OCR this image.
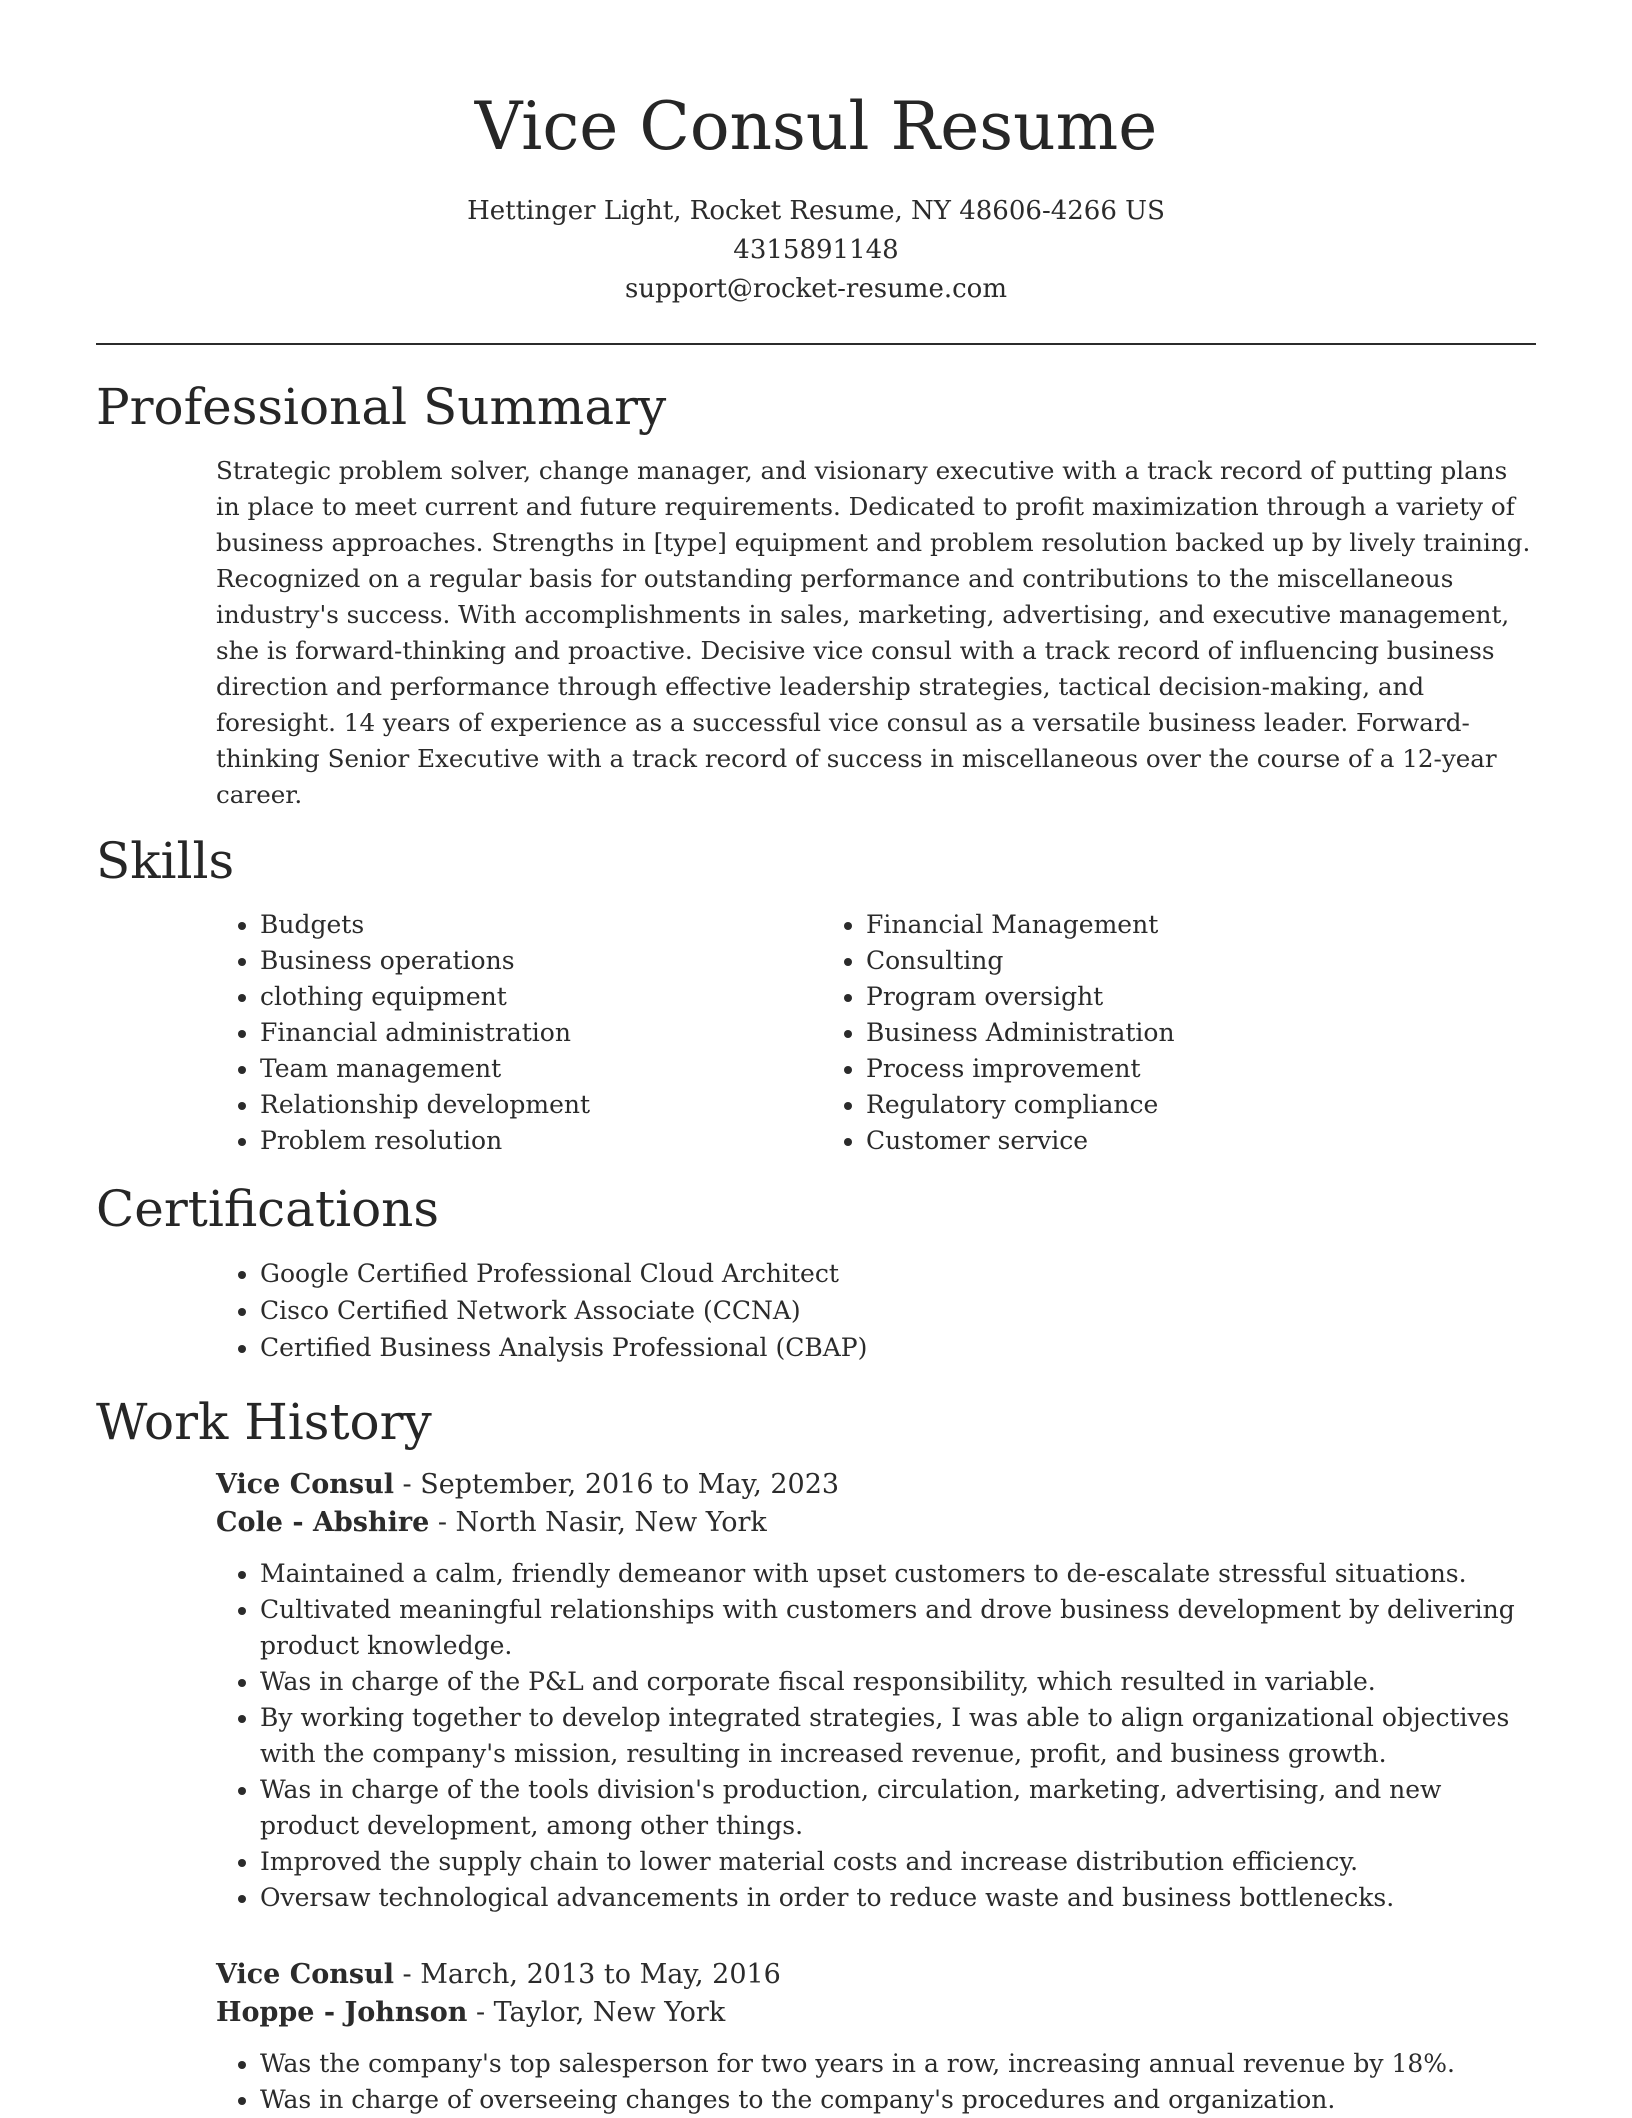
Vice Consul Resume
Hettinger Light, Rocket Resume, NY 48606-4266 US
4315891148
support@rocket-resume.com
Professional Summary

Strategic problem solver, change manager, and visionary executive with a track record of putting plans in place to meet current and future requirements. Dedicated to profit maximization through a variety of business approaches. Strengths in [type] equipment and problem resolution backed up by lively training. Recognized on a regular basis for outstanding performance and contributions to the miscellaneous industry's success. With accomplishments in sales, marketing, advertising, and executive management, she is forward-thinking and proactive. Decisive vice consul with a track record of influencing business direction and performance through effective leadership strategies, tactical decision-making, and foresight. 14 years of experience as a successful vice consul as a versatile business leader. Forward-thinking Senior Executive with a track record of success in miscellaneous over the course of a 12-year career.

Skills
• Budgets
• Business operations
• clothing equipment
• Financial administration
• Team management
• Relationship development
• Problem resolution
• Financial Management
• Consulting
• Program oversight
• Business Administration
• Process improvement
• Regulatory compliance
• Customer service
Certifications
• Google Certified Professional Cloud Architect
• Cisco Certified Network Associate (CCNA)
• Certified Business Analysis Professional (CBAP)
Work History
Vice Consul - September, 2016 to May, 2023
Cole - Abshire - North Nasir, New York
• Maintained a calm, friendly demeanor with upset customers to de-escalate stressful situations.
• Cultivated meaningful relationships with customers and drove business development by delivering product knowledge.
• Was in charge of the P&L and corporate fiscal responsibility, which resulted in variable.
• By working together to develop integrated strategies, I was able to align organizational objectives with the company's mission, resulting in increased revenue, profit, and business growth.
• Was in charge of the tools division's production, circulation, marketing, advertising, and new product development, among other things.
• Improved the supply chain to lower material costs and increase distribution efficiency.
• Oversaw technological advancements in order to reduce waste and business bottlenecks.
Vice Consul - March, 2013 to May, 2016
Hoppe - Johnson - Taylor, New York
• Was the company's top salesperson for two years in a row, increasing annual revenue by 18%.
• Was in charge of overseeing changes to the company's procedures and organization.
